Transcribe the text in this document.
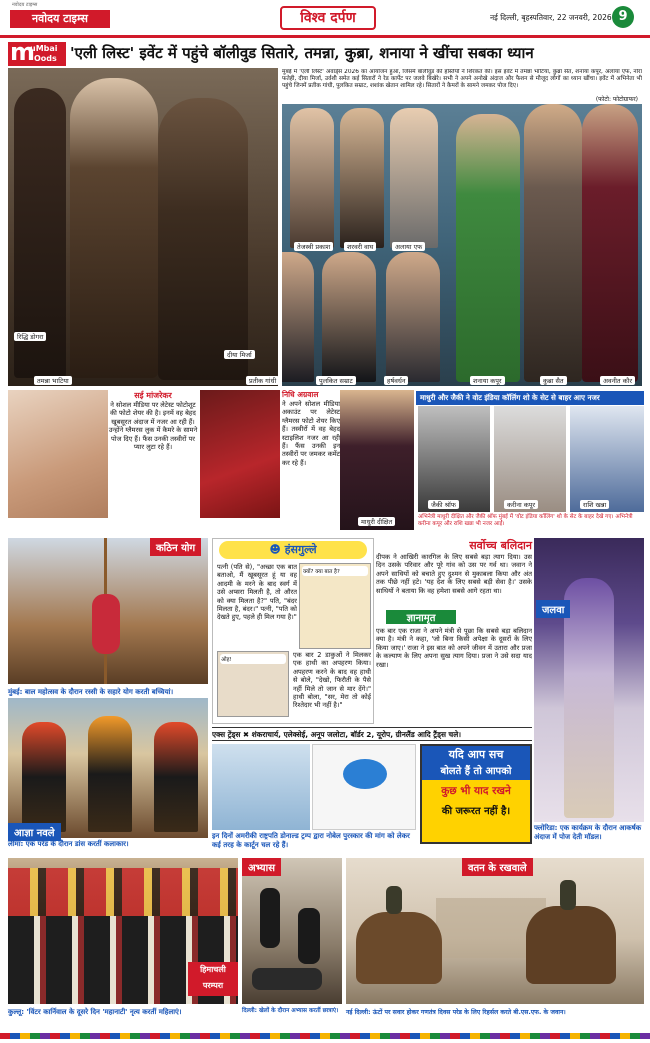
नवोदय टाइम्स
नवोदय टाइम्स	विश्व दर्पण	नई दिल्ली, बृहस्पतिवार, 22 जनवरी, 2026 9
m
uMbai
Oods 'एली लिस्ट' इवेंट में पहुंचे बॉलीवुड सितारे, तमन्ना, कुब्रा, शनाया ने खींचा सबका ध्यान
मुंबई में 'एली लिस्ट' अवॉर्ड्स 2026 का आयोजन हुआ, जिसमें बॉलीवुड की हस्तियों ने शिरकत की। इस इवेंट में तमन्ना भाटिया, कुब्रा सैत, शनाया कपूर, अलाया एफ, नोरा फतेही, दीया मिर्जा, उर्वशी समेत कई सितारों ने रेड कार्पेट पर जलवे बिखेरे। सभी ने अपने अनोखे अंदाज और फैशन से मौजूद लोगों का ध्यान खींचा। इवेंट में अभिनेता भी पहुंचे जिनमें प्रतीक गांधी, पुलकित सम्राट, शशांक खेतान शामिल रहे। सितारों ने कैमरों के सामने जमकर पोज दिए।
(फोटो: फोटोग्राफर)
रिद्धि डोगरा
तमन्ना भाटिया
दीया मिर्जा
तेजस्वी प्रकाश	शरवरी वाघ	अलाया एफ
प्रतीक गांधी	पुलकित सम्राट	हर्षवर्धन	शनाया कपूर	कुब्रा सैत	अवनीत कौर
सई मांजरेकर
ने सोशल मीडिया पर लेटेस्ट फोटोशूट की फोटो शेयर की है। इनमें वह बेहद खूबसूरत अंदाज में नजर आ रही हैं। उन्होंने ग्लैमरस लुक में कैमरे के सामने पोज दिए हैं। फैंस उनकी तस्वीरों पर प्यार लुटा रहे हैं।
निधि अग्रवाल
ने अपने सोशल मीडिया अकाउंट पर लेटेस्ट ग्लैमरस फोटो शेयर किए हैं। तस्वीरों में वह बेहद स्टाइलिश नजर आ रही हैं। फैंस उनकी इन तस्वीरों पर जमकर कमेंट कर रहे हैं।
माधुरी दीक्षित
माधुरी और जैकी ने वोट इंडिया कॉलिंग शो के सेट से बाहर आए नजर
जैकी श्रॉफ	करीना कपूर	राशि खन्ना
अभिनेत्री माधुरी दीक्षित और जैकी श्रॉफ मुंबई में 'वोट इंडिया कॉलिंग' शो के सेट के बाहर देखे गए। अभिनेत्री करीना कपूर और राशि खन्ना भी नजर आईं।
कठिन योग
मुंबई: बाल महोत्सव के दौरान रस्सी के सहारे योग करती बच्चियां।
☻ हंसगुल्ले
पत्नी (पति से), "अच्छा एक बात बताओ, मैं खूबसूरत हूं या वह आदमी के मरने के बाद स्वर्ग में उसे अप्सरा मिलती है, तो औरत को क्या मिलता है?" पति, "बंदर मिलता है, बंदर।" पत्नी, "पति को देखते हुए, पहले ही मिल गया है।"
क्यों? क्या बात है?
ओह!
एक बार 2 डाकुओं ने मिलकर एक हाथी का अपहरण किया। अपहरण करने के बाद वह हाथी से बोले, "देखो, फिरौती के पैसे नहीं मिले तो जान से मार देंगे।" हाथी बोला, "सर, मेरा तो कोई रिश्तेदार भी नहीं है।"
सर्वोच्च बलिदान
दीपक ने आखिरी कारगिल के लिए सबसे बड़ा त्याग दिया। उस दिन उसके परिवार और पूरे गांव को उस पर गर्व था। जवान ने अपने साथियों को बचाते हुए दुश्मन से मुकाबला किया और अंत तक पीछे नहीं हटे। 'यह देश के लिए सबसे बड़ी सेवा है।' उसके साथियों ने बताया कि वह हमेशा सबसे आगे रहता था।
ज्ञानामृत
एक बार एक राजा ने अपने मंत्री से पूछा कि सबसे बड़ा बलिदान क्या है। मंत्री ने कहा, 'जो बिना किसी अपेक्षा के दूसरों के लिए किया जाए।' राजा ने इस बात को अपने जीवन में उतारा और प्रजा के कल्याण के लिए अपना सुख त्याग दिया। प्रजा ने उसे सदा याद रखा।
जलवा
फ्लोरिडा: एक कार्यक्रम के दौरान आकर्षक अंदाज में पोज देती मॉडल।
आज्ञा नवले
लीमा: एक परेड के दौरान डांस करतीं कलाकार।
एक्स ट्रेंड्स ✖ शंकराचार्य, एलेक्सेई, अनूप जलोटा, बॉर्डर 2, यूरोप, ग्रीनलैंड आदि ट्रैंड्स चले।
इन दिनों अमरीकी राष्ट्रपति डोनाल्ड ट्रम्प द्वारा नोबेल पुरस्कार की मांग को लेकर कई तरह के कार्टून चल रहे हैं।
यदि आप सच
बोलते हैं तो आपको
कुछ भी याद रखने
की जरूरत नहीं है।
हिमाचली
परम्परा
कुल्लू: 'विंटर कार्निवाल के दूसरे दिन 'महानाटी' नृत्य करतीं महिलाएं।
अभ्यास
दिल्ली: खेलों के दौरान अभ्यास करतीं छात्राएं।
वतन के रखवाले
नई दिल्ली: ऊंटों पर सवार होकर गणतंत्र दिवस परेड के लिए रिहर्सल करते बी.एस.एफ. के जवान।
